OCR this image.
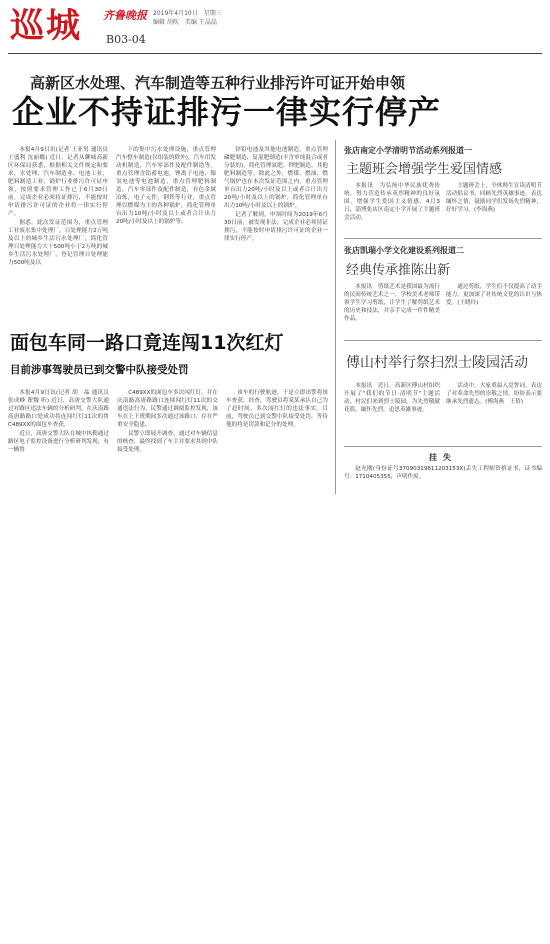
巡城 齐鲁晚报 2019年4月10日　星期三
编辑 胡吹　美编 王晶晶
B03-04
高新区水处理、汽车制造等五种行业排污许可证开始申领
企业不持证排污一律实行停产

本报4月9日讯(记者 王亚男 通讯员 王盛利 沈丽娜) 近日，记者从聊城高新区环保局获悉，根据相关文件规定和要求，水处理、汽车制造业、电池工业、肥料制造工业、锅炉行业排污许可证申领，按照要求管理工作已于6月30日前，完成企业必须持证排污，不能按时申请排污许可证的企业将一律实行停产。

据悉，此次发证范围为，重点管理工业废水集中处理厂，日处理能力2万吨及以上的城乡生活污水处理厂，简化管理日处理能力大于500吨小于2万吨的城乡生活污水处理厂，登记管理日处理能力500吨及以

下的集中污水处理设施，重点管理汽车整车制造(仅组装的除外)，汽车用发动机制造，汽车零部件及配件制造等。重点管理含铅蓄电池，锂离子电池、镍氢电池等电池制造，重点管理肥料制造，汽车零部件及配件制造，有色金属冶炼，电子元件，钢铁等行业，重点管理以燃煤为主的各种锅炉，简化管理单台出力10吨/小时及以上或者合计出力20吨/小时及以上的锅炉等。

锌铅电池及其他电池制造，重点管理磷肥制造、复混肥制造(不含单纯混合或者分装的)，简化管理氮肥、钾肥制造，其他肥料制造等。除此之外，燃煤、燃油、燃气锅炉也在本次发证范围之内，重点管理单台出力20吨/小时及以上或者合计出力20吨/小时及以上的锅炉，简化管理单台出力10吨/小时及以上的锅炉。

记者了解到，申领时间为2019年6月30日前，被发现非法，完成企业必须持证排污，不能按时申请排污许可证的企业一律实行停产。

面包车同一路口竟连闯11次红灯
目前涉事驾驶员已到交警中队接受处罚

本报4月9日讯(记者 胡　晶 通讯员 张成峰 瞿魏 昕) 近日，高唐交警大队通过对路区违法车辆的分析研判，在庆南路高唐路路口处成功将连闯红灯11次的鲁C489XX的面包车查获。

近日，高唐交警大队在城中执勤通过路区电子监控设备进行分析研判发现，有一辆鲁

C489XX的面包车多次闯红灯，并在庆南路高唐路路口连续闯红灯11次的交通违法行为。民警通过调阅监控发现，该车在上下班期间多次通过该路口，存在严重安全隐患。

民警立即展开调查，通过对车辆信息的核查，最终找到了车主并要求其到中队接受处理。

该车的行驶轨迹，于是立即出警将该车查获。经查，驾驶员将某某承认自己为了赶时间，多次闯红灯的违法事实。目前，驾驶员已到交警中队接受处罚，等待他的将是罚款和记分的处理。
张店南定小学清明节活动系列报道一
主题班会增强学生爱国情感
本报讯　为弘扬中华民族优秀传统，努力营造传承英烈精神的良好氛围，增强学生爱国主义情感，4月3日，淄博张店区南定小学开展了主题班会活动。
主题班会上，全体师生宣读清明节活动倡议书，回顾先烈英雄事迹，表达缅怀之情，鼓励同学们发扬先烈精神，好好学习。(李海燕)
张店凯瑞小学文化建设系列报道二
经典传承推陈出新
本报讯　剪纸艺术是我国最为流行的民间传统艺术之一。学校美术老师带领学生学习剪纸，让学生了解剪纸艺术的历史和技法，并亲手完成一件件精美作品。
通过剪纸，学生们不仅提高了动手能力，更加深了对传统文化的认识与热爱。(王晓玲)
傅山村举行祭扫烈士陵园活动
本报讯　近日，高新区傅山村组织开展了"我们的节日·清明节"主题活动，村民们来到烈士陵园，为先烈敬献花篮，缅怀先烈，追思英雄事迹。
活动中，大家重温入党誓词，表达了对革命先烈的崇敬之情，纷纷表示要继承先烈遗志。(傅海燕　王倩)
挂失
赵允刚(身份证号37090319811203153X)丢失工程师资格证书，证书编号：1710405355，声明作废。
